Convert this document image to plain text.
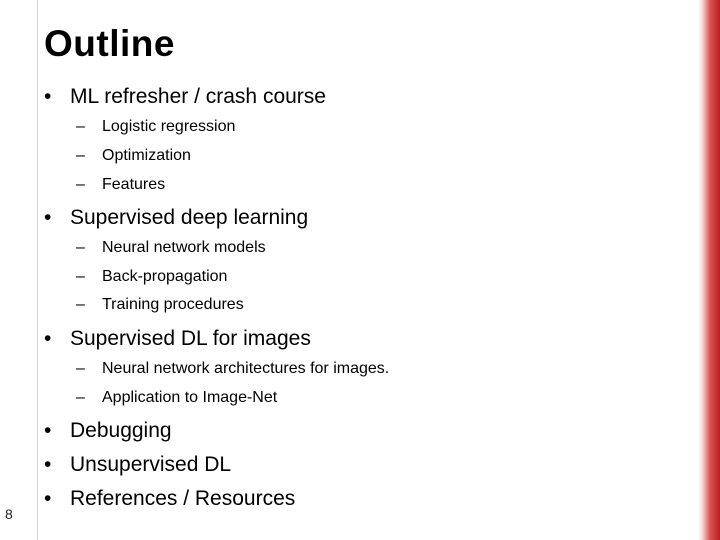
Outline
• ML refresher / crash course
– Logistic regression
– Optimization
– Features
• Supervised deep learning
– Neural network models
– Back-propagation
– Training procedures
• Supervised DL for images
– Neural network architectures for images.
– Application to Image-Net
• Debugging
• Unsupervised DL
• References / Resources
8
